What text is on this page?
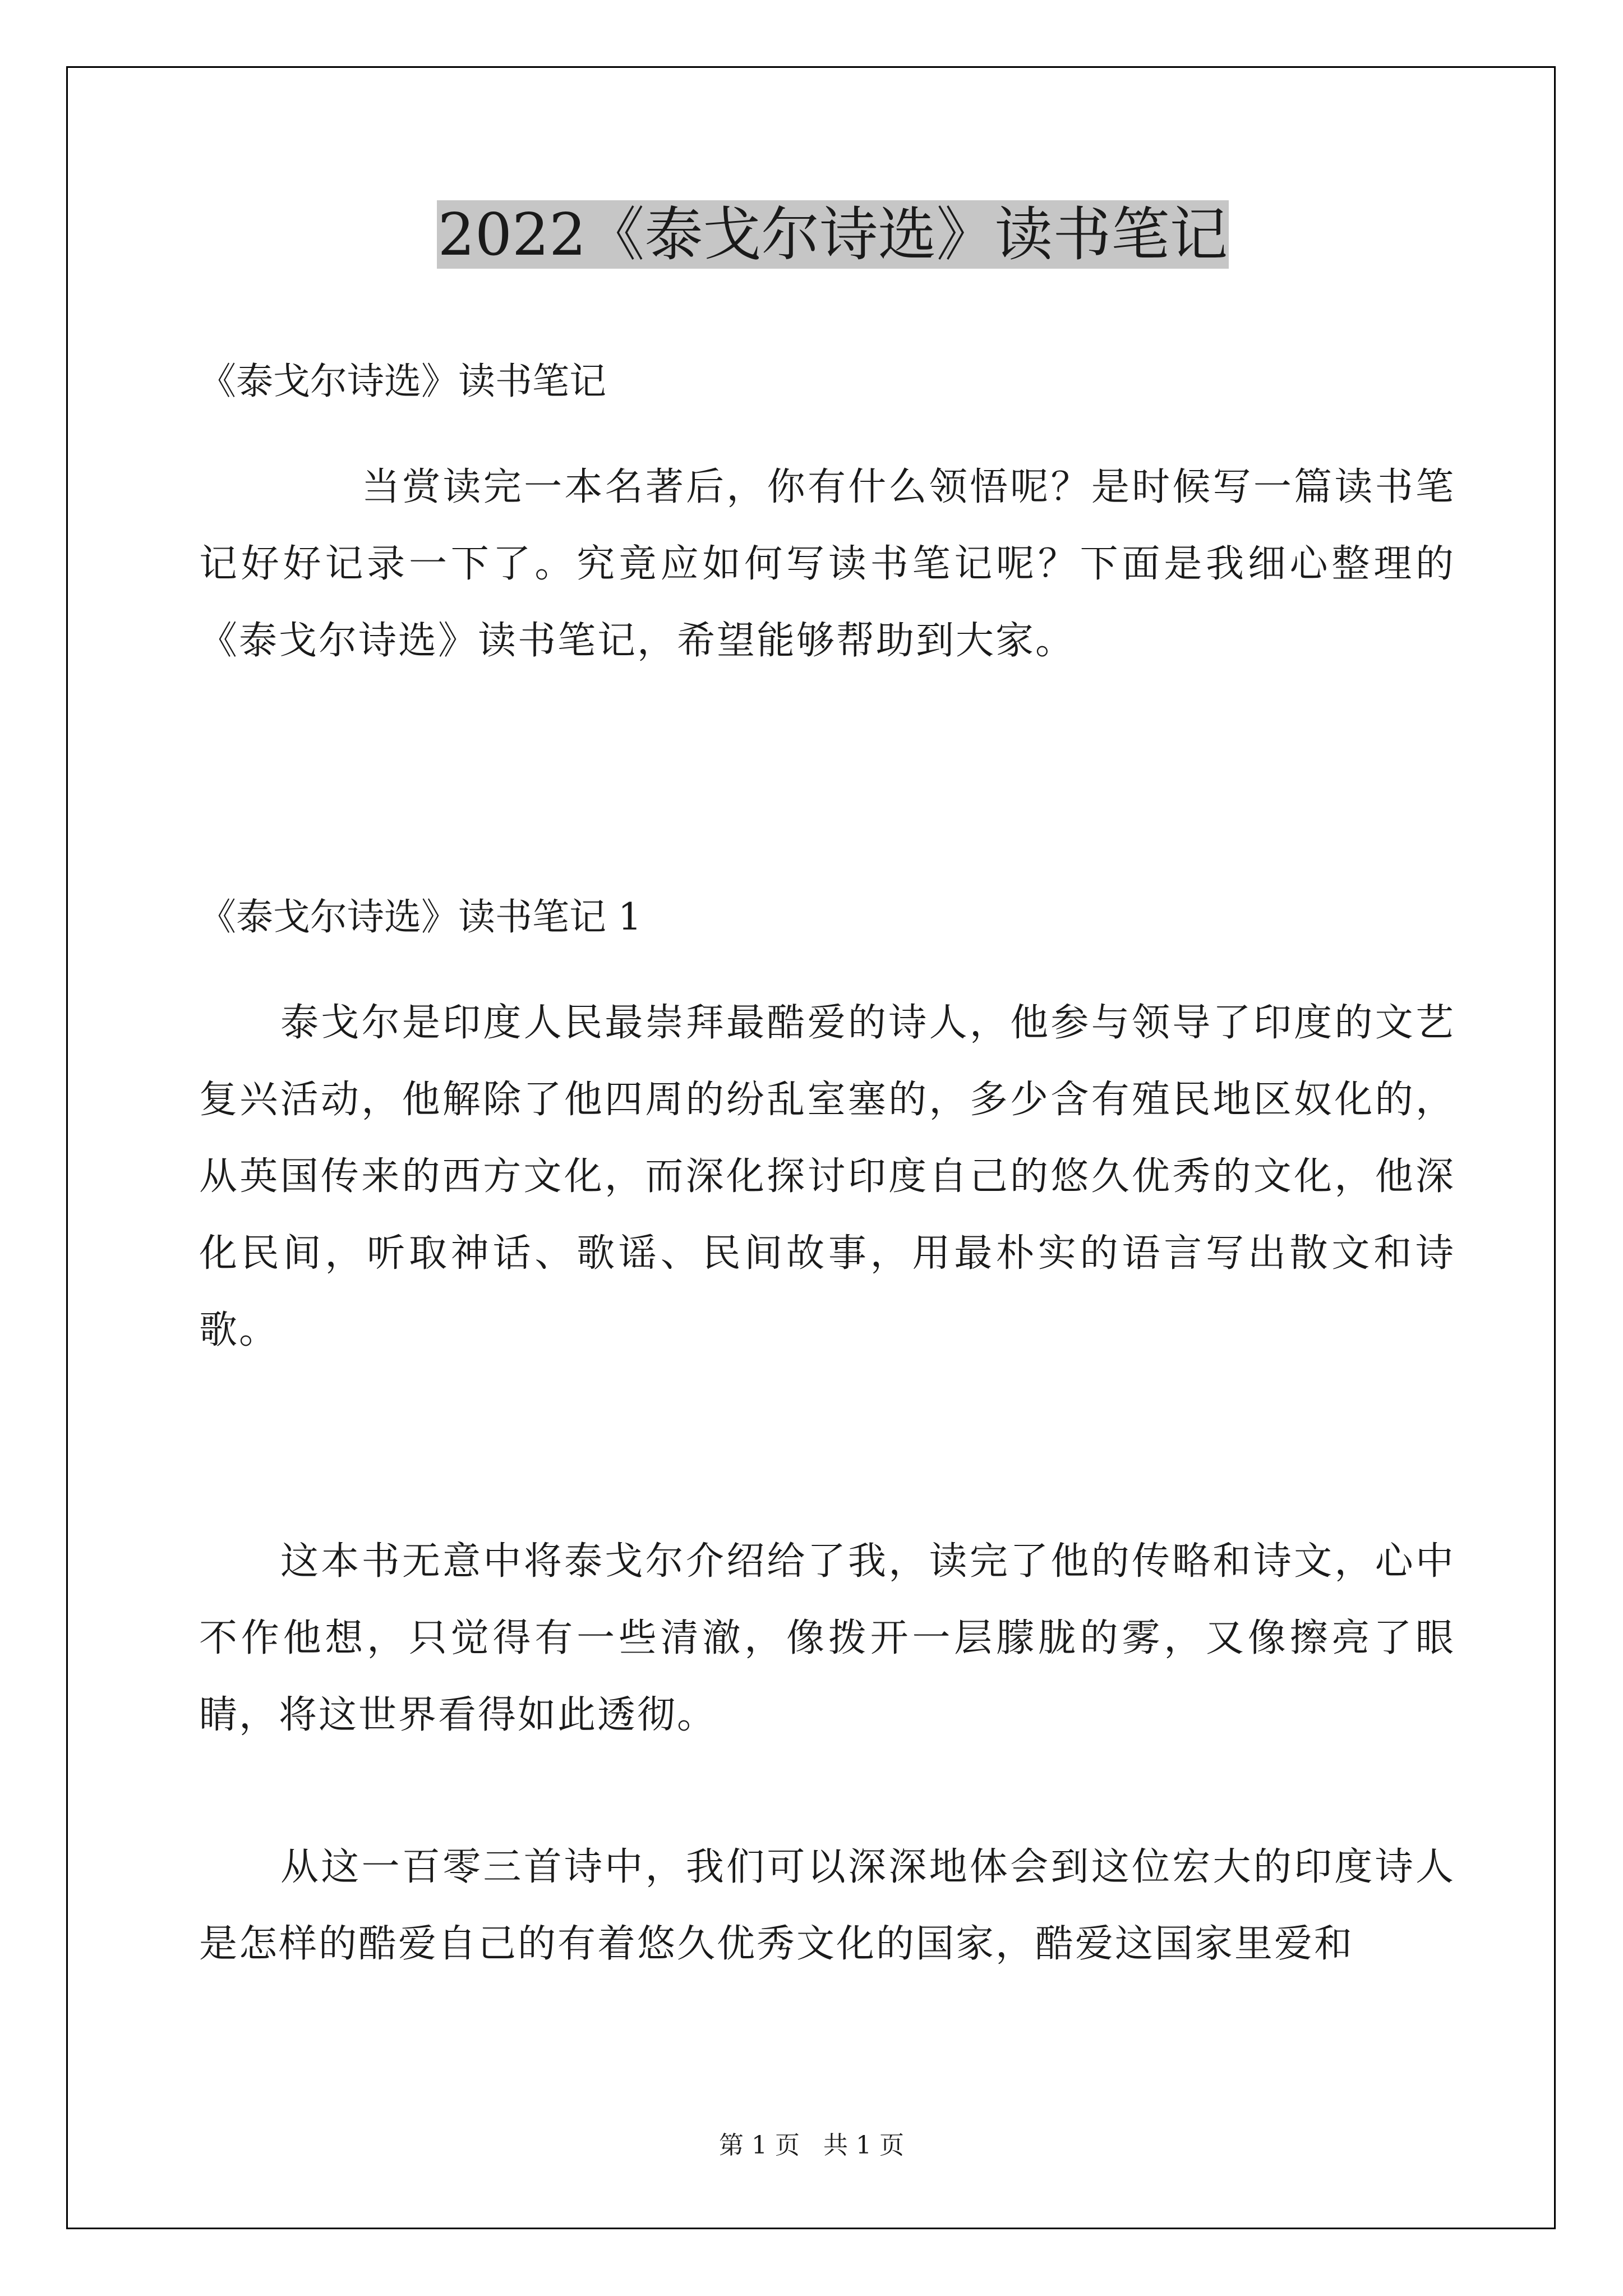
2022《泰戈尔诗选》读书笔记
《泰戈尔诗选》读书笔记

当赏读完一本名著后，你有什么领悟呢？是时候写一篇读书笔记好好记录一下了。究竟应如何写读书笔记呢？下面是我细心整理的《泰戈尔诗选》读书笔记，希望能够帮助到大家。

《泰戈尔诗选》读书笔记 1

泰戈尔是印度人民最崇拜最酷爱的诗人，他参与领导了印度的文艺复兴活动，他解除了他四周的纷乱室塞的，多少含有殖民地区奴化的，从英国传来的西方文化，而深化探讨印度自己的悠久优秀的文化，他深化民间，听取神话、歌谣、民间故事，用最朴实的语言写出散文和诗歌。

这本书无意中将泰戈尔介绍给了我，读完了他的传略和诗文，心中不作他想，只觉得有一些清澈，像拨开一层朦胧的雾，又像擦亮了眼睛，将这世界看得如此透彻。

从这一百零三首诗中，我们可以深深地体会到这位宏大的印度诗人是怎样的酷爱自己的有着悠久优秀文化的国家，酷爱这国家里爱和

第 1 页   共 1 页
